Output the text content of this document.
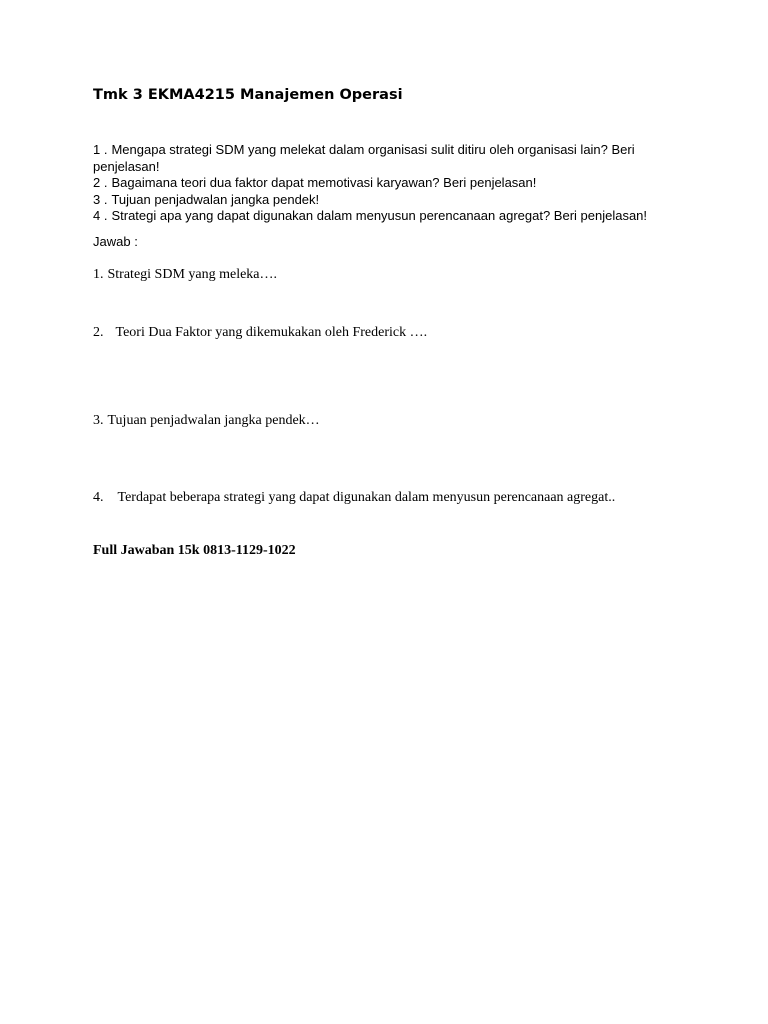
Tmk 3 EKMA4215 Manajemen Operasi
1 . Mengapa strategi SDM yang melekat dalam organisasi sulit ditiru oleh organisasi lain? Beri penjelasan!
2 . Bagaimana teori dua faktor dapat memotivasi karyawan? Beri penjelasan!
3 . Tujuan penjadwalan jangka pendek!
4 . Strategi apa yang dapat digunakan dalam menyusun perencanaan agregat? Beri penjelasan!

Jawab :

1. Strategi SDM yang meleka….

2. Teori Dua Faktor yang dikemukakan oleh Frederick ….

3. Tujuan penjadwalan jangka pendek…

4. Terdapat beberapa strategi yang dapat digunakan dalam menyusun perencanaan agregat..

Full Jawaban 15k 0813-1129-1022
